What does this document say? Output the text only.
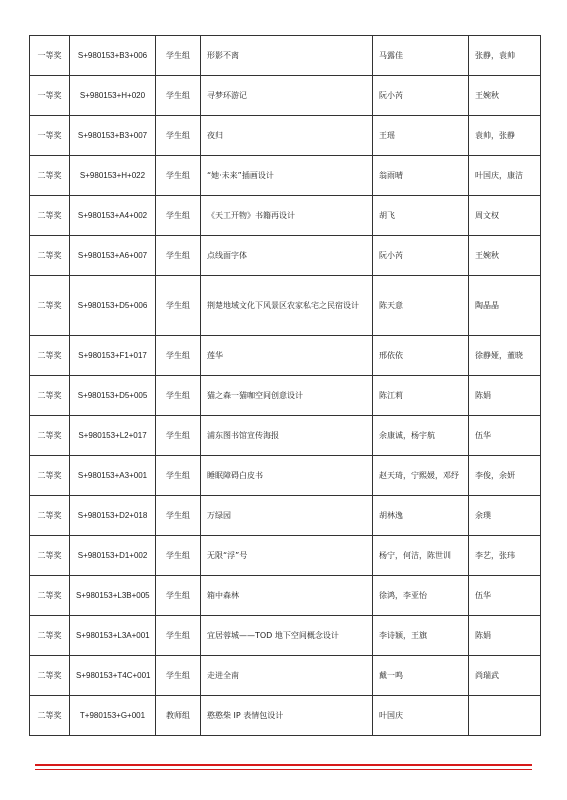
一等奖	S+980153+B3+006	学生组	形影不离	马露佳	张静，袁帅
一等奖	S+980153+H+020	学生组	寻梦环游记	阮小芮	王婉秋
一等奖	S+980153+B3+007	学生组	夜归	王瑶	袁帅，张静
二等奖	S+980153+H+022	学生组	“她·未来”插画设计	翁雨晴	叶国庆，康洁
二等奖	S+980153+A4+002	学生组	《天工开物》书籍再设计	胡飞	周文权
二等奖	S+980153+A6+007	学生组	点线面字体	阮小芮	王婉秋
二等奖	S+980153+D5+006	学生组	荆楚地域文化下风景区农家私宅之民宿设计	陈天意	陶晶晶
二等奖	S+980153+F1+017	学生组	莲华	邢依依	徐静娅，董晓
二等奖	S+980153+D5+005	学生组	猫之森一猫咖空间创意设计	陈江莉	陈娟
二等奖	S+980153+L2+017	学生组	浦东图书馆宣传海报	余康诚，杨宇航	伍华
二等奖	S+980153+A3+001	学生组	睡眠障碍白皮书	赵天琦，宁熙媛，邓纾	李俊，余妍
二等奖	S+980153+D2+018	学生组	万绿园	胡林逸	余璞
二等奖	S+980153+D1+002	学生组	无限“浮”号	杨宁，何洁，陈世训	李艺，张玮
二等奖	S+980153+L3B+005	学生组	箱中森林	徐鸿，李亚怡	伍华
二等奖	S+980153+L3A+001	学生组	宜居蓉城——TOD 地下空间概念设计	李诗颖，王旗	陈娟
二等奖	S+980153+T4C+001	学生组	走进全南	戴一鸣	尚瑞武
二等奖	T+980153+G+001	教师组	憨憨柴 IP 表情包设计	叶国庆	
